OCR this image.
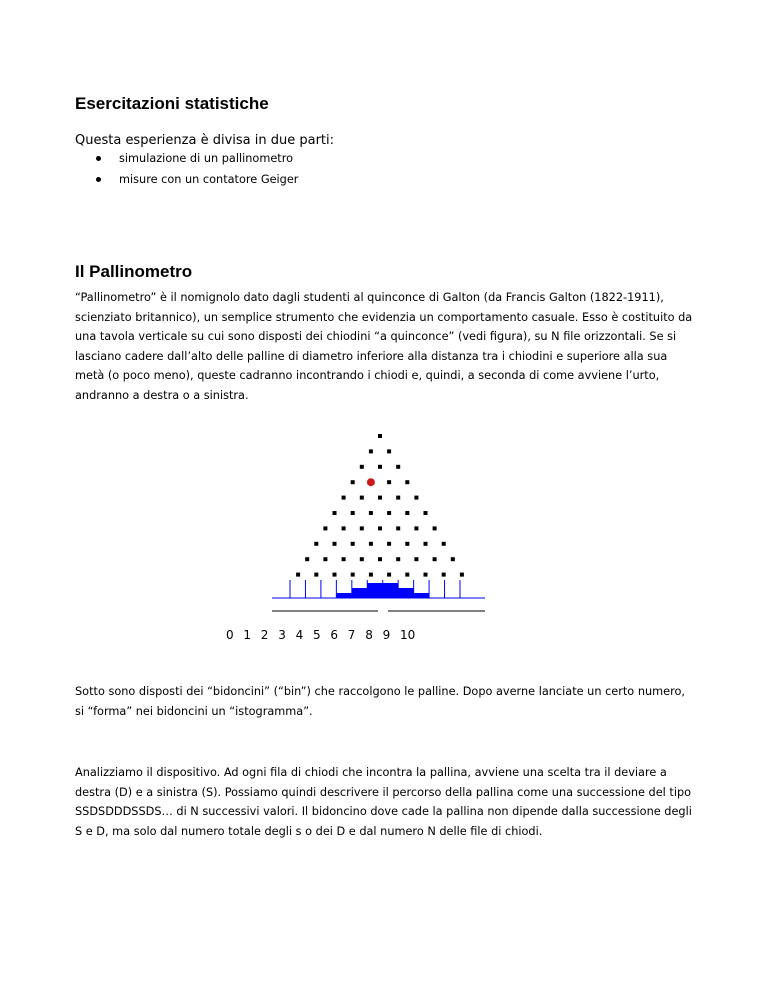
Esercitazioni statistiche

Questa esperienza è divisa in due parti:

simulazione di un pallinometro
misure con un contatore Geiger
Il Pallinometro

“Pallinometro” è il nomignolo dato dagli studenti al quinconce di Galton (da Francis Galton (1822-1911), scienziato britannico), un semplice strumento che evidenzia un comportamento casuale. Esso è costituito da una tavola verticale su cui sono disposti dei chiodini “a quinconce” (vedi figura), su N file orizzontali. Se si lasciano cadere dall’alto delle palline di diametro inferiore alla distanza tra i chiodini e superiore alla sua metà (o poco meno), queste cadranno incontrando i chiodi e, quindi, a seconda di come avviene l’urto, andranno a destra o a sinistra.

0 1 2 3 4 5 6 7 8 9 10

Sotto sono disposti dei “bidoncini” (“bin”) che raccolgono le palline. Dopo averne lanciate un certo numero, si “forma” nei bidoncini un “istogramma”.

Analizziamo il dispositivo. Ad ogni fila di chiodi che incontra la pallina, avviene una scelta tra il deviare a destra (D) e a sinistra (S). Possiamo quindi descrivere il percorso della pallina come una successione del tipo SSDSDDDSSDS… di N successivi valori. Il bidoncino dove cade la pallina non dipende dalla successione degli S e D, ma solo dal numero totale degli s o dei D e dal numero N delle file di chiodi.
